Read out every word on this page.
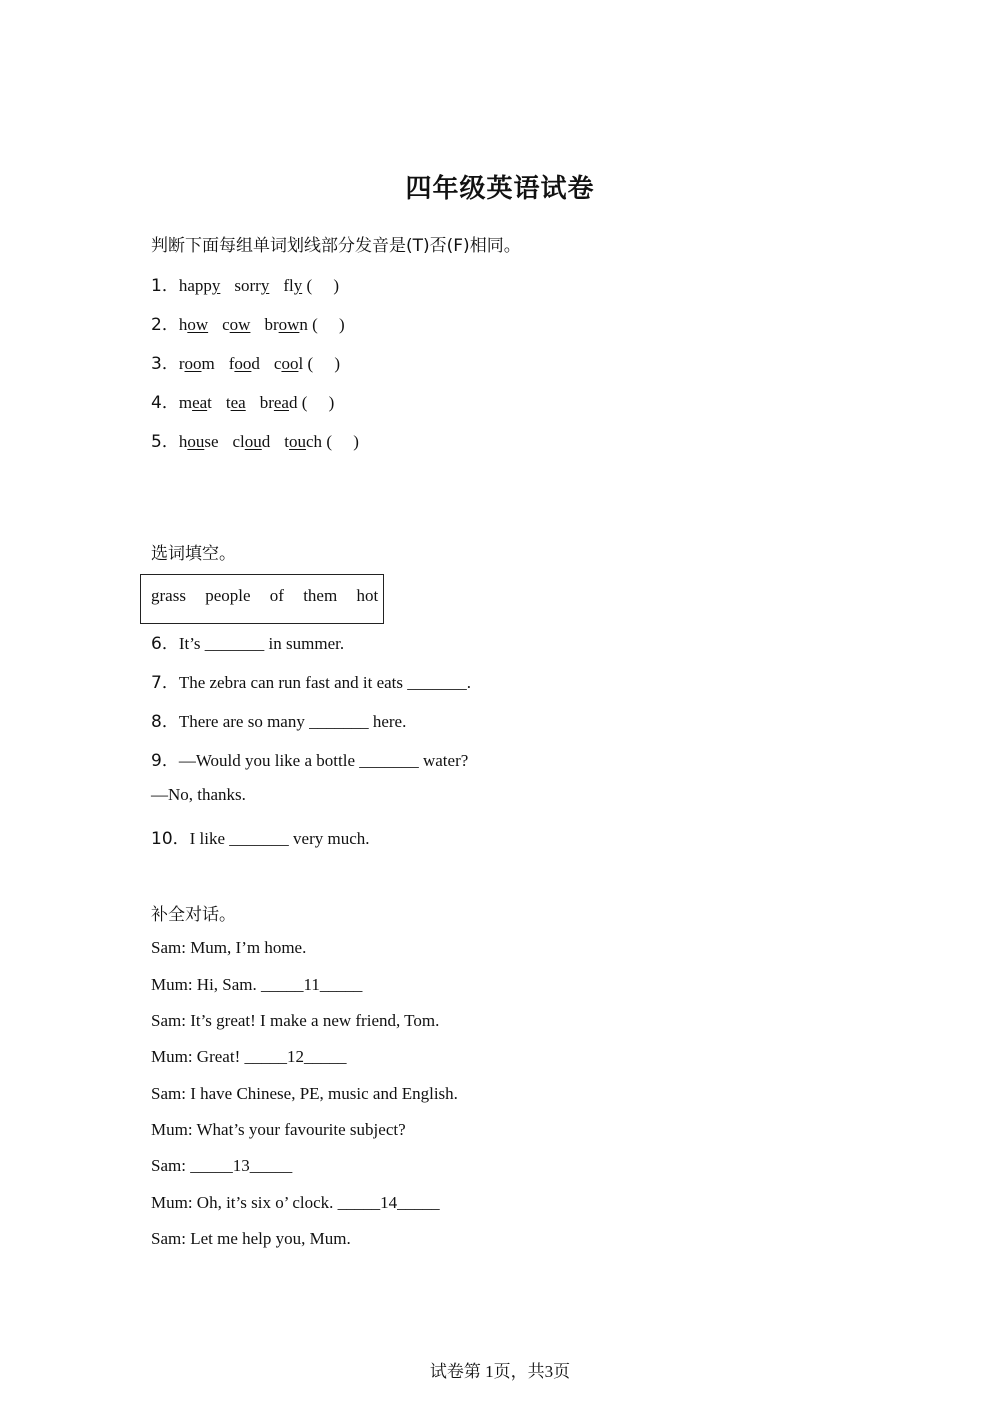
四年级英语试卷
判断下面每组单词划线部分发音是(T)否(F)相同。
1．happy sorry fly (     )
2．how cow brown (     )
3．room food cool (     )
4．meat tea bread (     )
5．house cloud touch (     )
选词填空。
grass people of them hot
6．It’s _______ in summer.
7．The zebra can run fast and it eats _______.
8．There are so many _______ here.
9．—Would you like a bottle _______ water?
—No, thanks.
10．I like _______ very much.
补全对话。
Sam: Mum, I’m home.
Mum: Hi, Sam. _____11_____
Sam: It’s great! I make a new friend, Tom.
Mum: Great! _____12_____
Sam: I have Chinese, PE, music and English.
Mum: What’s your favourite subject?
Sam: _____13_____
Mum: Oh, it’s six o’ clock. _____14_____
Sam: Let me help you, Mum.
试卷第 1页，共3页
